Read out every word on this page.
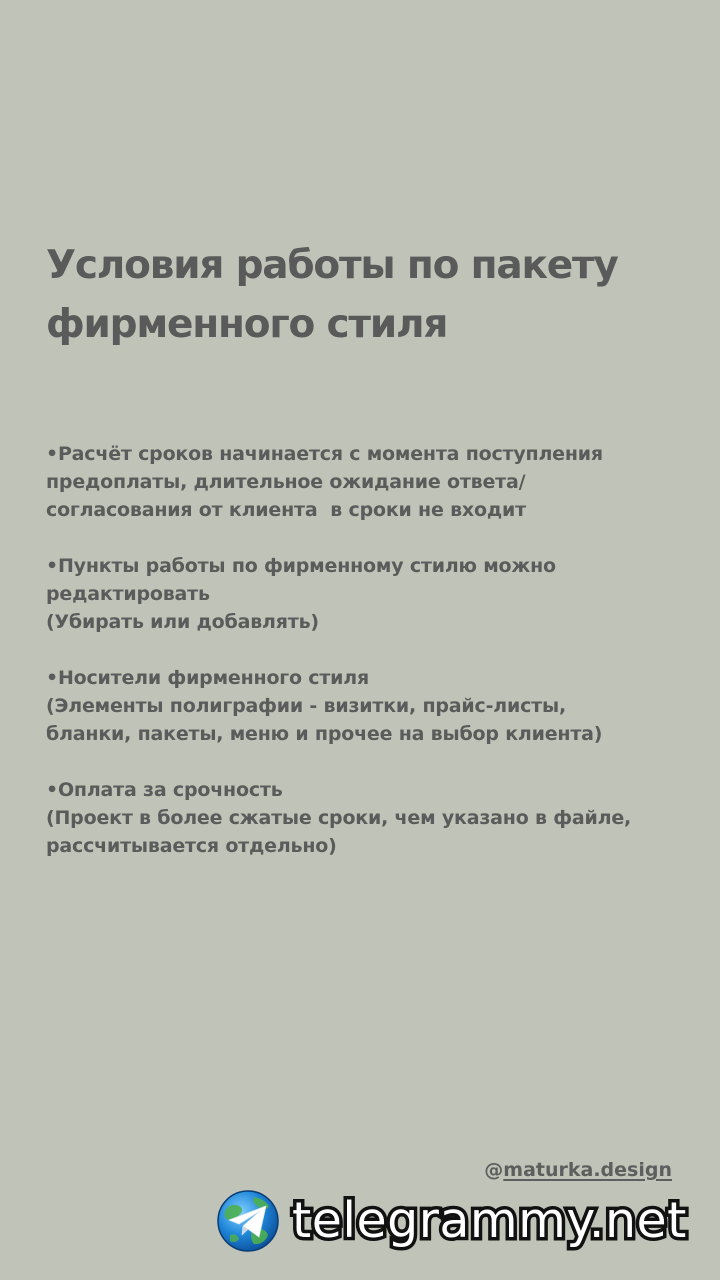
Условия работы по пакету
фирменного стиля
•Расчёт сроков начинается с момента поступления
предоплаты, длительное ожидание ответа/
согласования от клиента  в сроки не входит
•Пункты работы по фирменному стилю можно
редактировать
(Убирать или добавлять)
•Носители фирменного стиля
(Элементы полиграфии - визитки, прайс-листы,
бланки, пакеты, меню и прочее на выбор клиента)
•Оплата за срочность
(Проект в более сжатые сроки, чем указано в файле,
рассчитывается отдельно)
@maturka.design
telegrammy.net
